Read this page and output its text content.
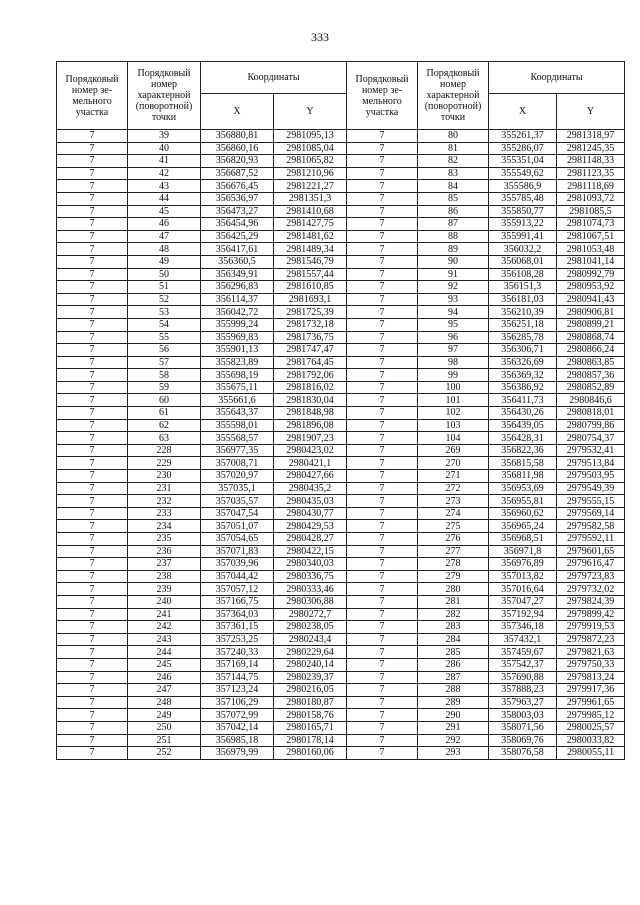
333
Порядковый номер зе-мельного участка	Порядковый номер характерной (поворотной) точки	Координаты		Порядковый номер зе-мельного участка	Порядковый номер характерной (поворотной) точки	Координаты	
		X	Y			X	Y
7	39	356880,81	2981095,13	7	80	355261,37	2981318,97
7	40	356860,16	2981085,04	7	81	355286,07	2981245,35
7	41	356820,93	2981065,82	7	82	355351,04	2981148,33
7	42	356687,52	2981210,96	7	83	355549,62	2981123,35
7	43	356676,45	2981221,27	7	84	355586,9	2981118,69
7	44	356536,97	2981351,3	7	85	355785,48	2981093,72
7	45	356473,27	2981410,68	7	86	355850,77	2981085,5
7	46	356454,96	2981427,75	7	87	355913,22	2981074,73
7	47	356425,29	2981481,62	7	88	355991,41	2981067,51
7	48	356417,61	2981489,34	7	89	356032,2	2981053,48
7	49	356360,5	2981546,79	7	90	356068,01	2981041,14
7	50	356349,91	2981557,44	7	91	356108,28	2980992,79
7	51	356296,83	2981610,85	7	92	356151,3	2980953,92
7	52	356114,37	2981693,1	7	93	356181,03	2980941,43
7	53	356042,72	2981725,39	7	94	356210,39	2980906,81
7	54	355999,24	2981732,18	7	95	356251,18	2980899,21
7	55	355969,83	2981736,75	7	96	356285,78	2980868,74
7	56	355901,13	2981747,47	7	97	356306,71	2980866,24
7	57	355823,89	2981764,45	7	98	356326,69	2980863,85
7	58	355698,19	2981792,06	7	99	356369,32	2980857,36
7	59	355675,11	2981816,02	7	100	356386,92	2980852,89
7	60	355661,6	2981830,04	7	101	356411,73	2980846,6
7	61	355643,37	2981848,98	7	102	356430,26	2980818,01
7	62	355598,01	2981896,08	7	103	356439,05	2980799,86
7	63	355568,57	2981907,23	7	104	356428,31	2980754,37
7	228	356977,35	2980423,02	7	269	356822,36	2979532,41
7	229	357008,71	2980421,1	7	270	356815,58	2979513,84
7	230	357020,97	2980427,66	7	271	356811,98	2979503,95
7	231	357035,1	2980435,2	7	272	356953,69	2979549,39
7	232	357035,57	2980435,03	7	273	356955,81	2979555,15
7	233	357047,54	2980430,77	7	274	356960,62	2979569,14
7	234	357051,07	2980429,53	7	275	356965,24	2979582,58
7	235	357054,65	2980428,27	7	276	356968,51	2979592,11
7	236	357071,83	2980422,15	7	277	356971,8	2979601,65
7	237	357039,96	2980340,03	7	278	356976,89	2979616,47
7	238	357044,42	2980336,75	7	279	357013,82	2979723,83
7	239	357057,12	2980333,46	7	280	357016,64	2979732,02
7	240	357166,75	2980306,88	7	281	357047,27	2979824,39
7	241	357364,03	2980272,7	7	282	357192,94	2979899,42
7	242	357361,15	2980238,05	7	283	357346,18	2979919,53
7	243	357253,25	2980243,4	7	284	357432,1	2979872,23
7	244	357240,33	2980229,64	7	285	357459,67	2979821,63
7	245	357169,14	2980240,14	7	286	357542,37	2979750,33
7	246	357144,75	2980239,37	7	287	357690,88	2979813,24
7	247	357123,24	2980216,05	7	288	357888,23	2979917,36
7	248	357106,29	2980180,87	7	289	357963,27	2979961,65
7	249	357072,99	2980158,76	7	290	358003,03	2979985,12
7	250	357042,14	2980165,71	7	291	358071,56	2980025,57
7	251	356985,18	2980178,14	7	292	358069,76	2980033,82
7	252	356979,99	2980160,06	7	293	358076,58	2980055,11
